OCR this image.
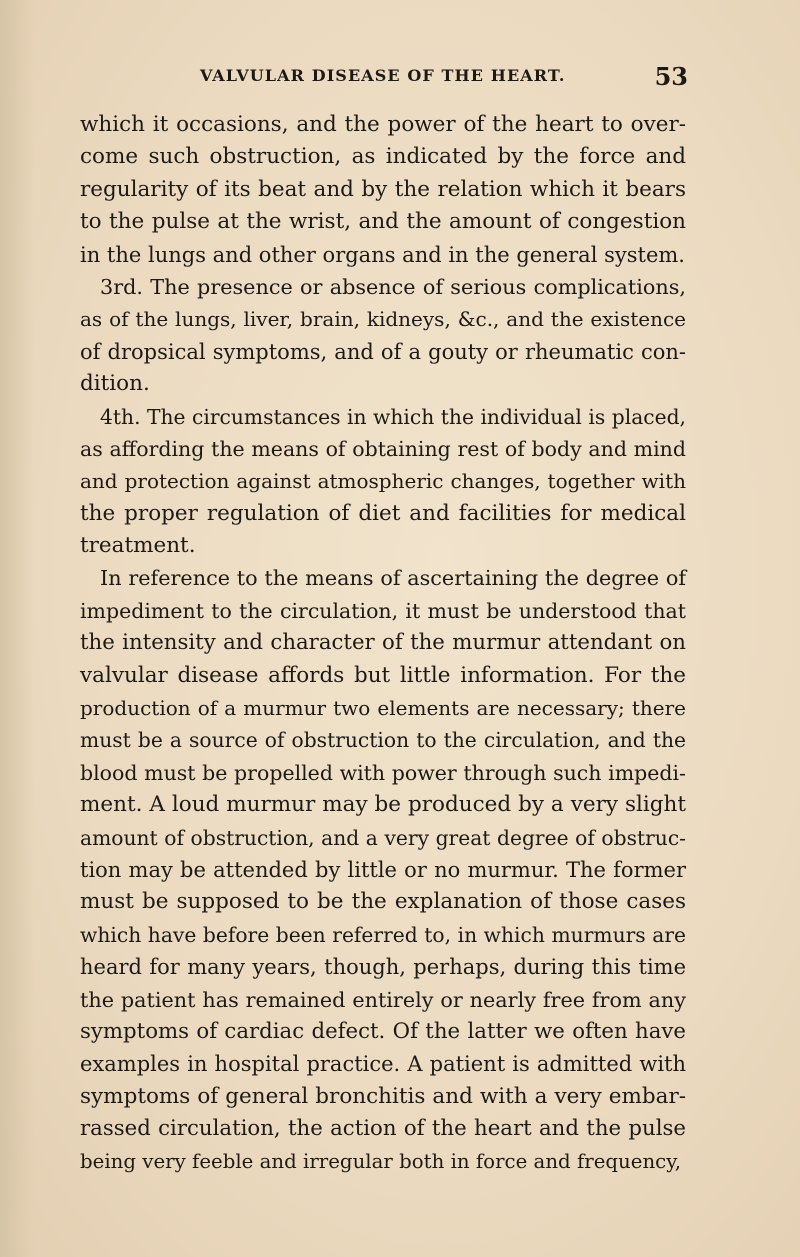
VALVULAR DISEASE OF THE HEART.	53
which it occasions, and the power of the heart to over-
come such obstruction, as indicated by the force and
regularity of its beat and by the relation which it bears
to the pulse at the wrist, and the amount of congestion
in the lungs and other organs and in the general system.
3rd. The presence or absence of serious complications,
as of the lungs, liver, brain, kidneys, &c., and the existence
of dropsical symptoms, and of a gouty or rheumatic con-
dition.
4th. The circumstances in which the individual is placed,
as affording the means of obtaining rest of body and mind
and protection against atmospheric changes, together with
the proper regulation of diet and facilities for medical
treatment.
In reference to the means of ascertaining the degree of
impediment to the circulation, it must be understood that
the intensity and character of the murmur attendant on
valvular disease affords but little information. For the
production of a murmur two elements are necessary; there
must be a source of obstruction to the circulation, and the
blood must be propelled with power through such impedi-
ment. A loud murmur may be produced by a very slight
amount of obstruction, and a very great degree of obstruc-
tion may be attended by little or no murmur. The former
must be supposed to be the explanation of those cases
which have before been referred to, in which murmurs are
heard for many years, though, perhaps, during this time
the patient has remained entirely or nearly free from any
symptoms of cardiac defect. Of the latter we often have
examples in hospital practice. A patient is admitted with
symptoms of general bronchitis and with a very embar-
rassed circulation, the action of the heart and the pulse
being very feeble and irregular both in force and frequency,
